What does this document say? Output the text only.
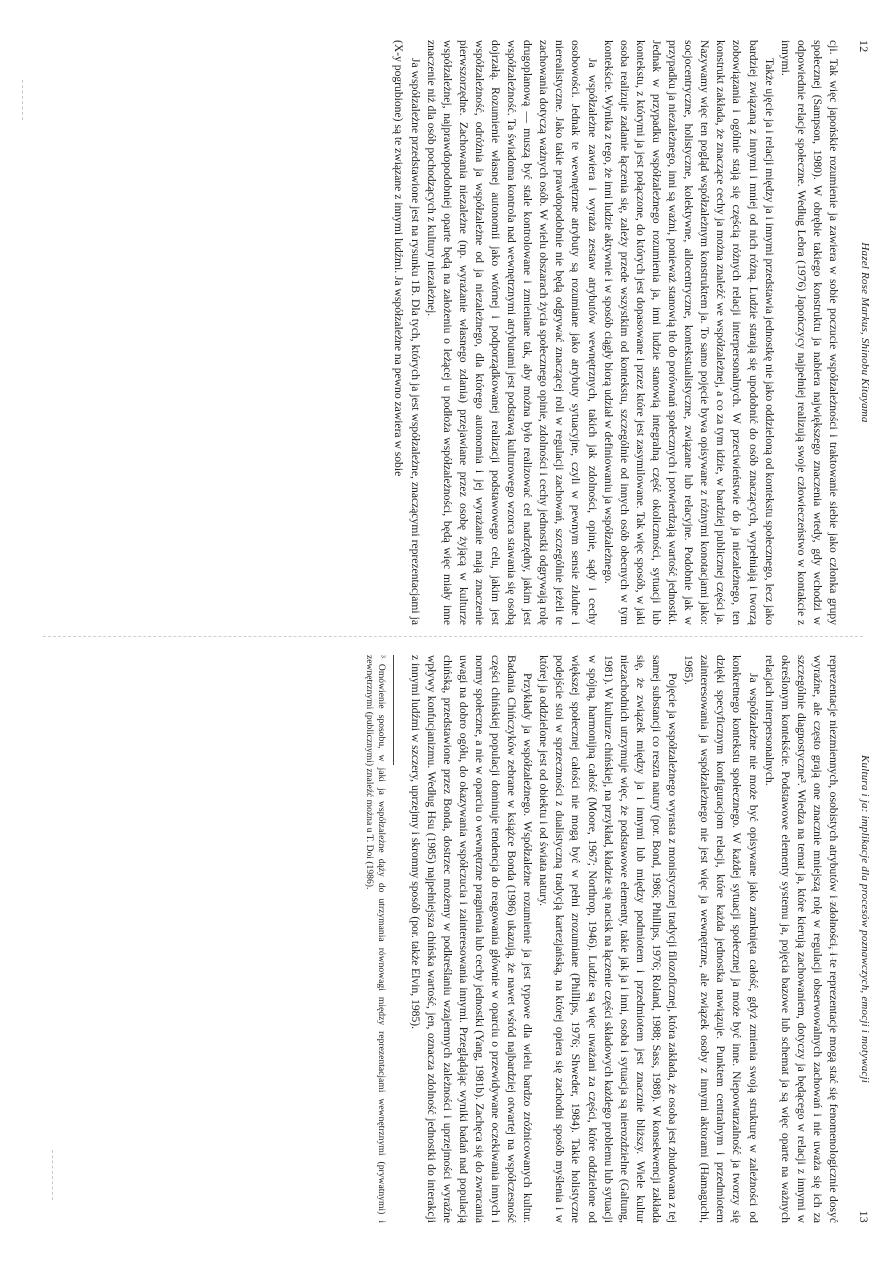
12
Hazel Rose Markus, Shinobu Kitayama

cji. Tak więc japońskie rozumienie ja zawiera w sobie poczucie współzależności i traktowanie siebie jako członka grupy społecznej (Sampson, 1980). W obrębie takiego konstruktu ja nabiera największego znaczenia wtedy, gdy wchodzi w odpowiednie relacje społeczne. Według Lebra (1976) Japończycy najpełniej realizują swoje człowieczeństwo w kontakcie z innymi.

Także ujęcie ja i relacji między ja i innymi przedstawia jednostkę nie jako oddzieloną od kontekstu społecznego, lecz jako bardziej związaną z innymi i mniej od nich różną. Ludzie starają się upodobnić do osób znaczących, wypełniają i tworzą zobowiązania i ogólnie stają się częścią różnych relacji interpersonalnych. W przeciwieństwie do ja niezależnego, ten konstrukt zakłada, że znaczące cechy ja można znaleźć we współzależnej, a co za tym idzie, w bardziej publicznej części ja. Nazywamy więc ten pogląd współzależnym konstruktem ja. To samo pojęcie bywa opisywane z różnymi konotacjami jako: socjocentryczne, holistyczne, kolektywne, allocentryczne, kontekstualistyczne, związane lub relacyjne. Podobnie jak w przypadku ja niezależnego, inni są ważni, ponieważ stanowią tło do porównań społecznych i potwierdzają wartość jednostki. Jednak w przypadku współzależnego rozumienia ja, inni ludzie stanowią integralną część okoliczności, sytuacji lub kontekstu, z którymi ja jest połączone, do których jest dopasowane i przez które jest zasymilowane. Tak więc sposób, w jaki osoba realizuje zadanie łączenia się, zależy przede wszystkim od kontekstu, szczególnie od innych osób obecnych w tym kontekście. Wynika z tego, że inni ludzie aktywnie i w sposób ciągły biorą udział w definiowaniu ja współzależnego.

Ja współzależne zawiera i wyraża zestaw atrybutów wewnętrznych, takich jak zdolności, opinie, sądy i cechy osobowości. Jednak te wewnętrzne atrybuty są rozumiane jako atrybuty sytuacyjne, czyli w pewnym sensie złudne i nierealistyczne. Jako takie prawdopodobnie nie będą odgrywać znaczącej roli w regulacji zachowań, szczególnie jeżeli te zachowania dotyczą ważnych osób. W wielu obszarach życia społecznego opinie, zdolności i cechy jednostki odgrywają rolę drugoplanową — muszą być stale kontrolowane i zmieniane tak, aby można było realizować cel nadrzędny, jakim jest współzależność. Ta świadoma kontrola nad wewnętrznymi atrybutami jest podstawą kulturowego wzorca stawania się osobą dojrzałą. Rozumienie własnej autonomii jako wtórnej i podporządkowanej realizacji podstawowego celu, jakim jest współzależność, odróżnia ja współzależne od ja niezależnego, dla którego autonomia i jej wyrażanie mają znaczenie pierwszorzędne. Zachowania niezależne (np. wyrażanie własnego zdania) przejawiane przez osobę żyjącą w kulturze współzależnej, najprawdopodobniej oparte będą na założeniu o leżącej u podłoża współzależności, będą więc miały inne znaczenie niż dla osób pochodzących z kultury niezależnej.

Ja współzależne przedstawione jest na rysunku 1B. Dla tych, których ja jest współzależne, znaczącymi reprezentacjami ja (X-y pogrubione) są te związane z innymi ludźmi. Ja współzależne na pewno zawiera w sobie

Kultura i ja: implikacje dla procesów poznawczych, emocji i motywacji
13

reprezentacje niezmiennych, osobistych atrybutów i zdolności, i te reprezentacje mogą stać się fenomenologicznie dosyć wyraźne, ale często grają one znacznie mniejszą rolę w regulacji obserwowalnych zachowań i nie uważa się ich za szczególnie diagnostyczne³. Wiedza na temat ja, które kierują zachowaniem, dotyczy ja będącego w relacji z innymi w określonym kontekście. Podstawowe elementy systemu ja, pojęcia bazowe lub schemat ja są więc oparte na ważnych relacjach interpersonalnych.

Ja współzależne nie może być opisywane jako zamknięta całość, gdyż zmienia swoją strukturę w zależności od konkretnego kontekstu społecznego. W każdej sytuacji społecznej ja może być inne. Niepowtarzalność ja tworzy się dzięki specyficznym konfiguracjom relacji, które każda jednostka nawiązuje. Punktem centralnym i przedmiotem zainteresowania ja współzależnego nie jest więc ja wewnętrzne, ale związek osoby z innymi aktorami (Hamaguchi, 1985).

Pojęcie ja współzależnego wyrasta z monistycznej tradycji filozoficznej, która zakłada, że osoba jest zbudowana z tej samej substancji co reszta natury (por. Bond, 1986; Phillips, 1976; Roland, 1988; Sass, 1988). W konsekwencji zakłada się, że związek między ja i innymi lub między podmiotem i przedmiotem jest znacznie bliższy. Wiele kultur niezachodnich utrzymuje więc, że podstawowe elementy, takie jak ja i inni, osoba i sytuacja są nierozdzielne (Galtung, 1981). W kulturze chińskiej, na przykład, kładzie się nacisk na łączenie części składowych każdego problemu lub sytuacji w spójną, harmonijną całość (Moore, 1967; Northrop, 1946). Ludzie są więc uważani za części, które oddzielone od większej społecznej całości nie mogą być w pełni zrozumiane (Phillips, 1976; Shweder, 1984). Takie holistyczne podejście stoi w sprzeczności z dualistyczną tradycją kartezjańską, na której opiera się zachodni sposób myślenia i w której ja oddzielone jest od obiektu i od świata natury.

Przykłady ja współzależnego. Współzależne rozumienie ja jest typowe dla wielu bardzo zróżnicowanych kultur. Badania Chińczyków zebrane w książce Bonda (1986) ukazują, że nawet wśród najbardziej otwartej na współczesność części chińskiej populacji dominuje tendencja do reagowania głównie w oparciu o przewidywane oczekiwania innych i normy społeczne, a nie w oparciu o wewnętrzne pragnienia lub cechy jednostki (Yang, 1981b). Zachęca się do zwracania uwagi na dobro ogółu, do okazywania współczucia i zainteresowania innymi. Przeglądając wyniki badań nad populacją chińską, przedstawione przez Bonda, dostrzec możemy w podkreślaniu wzajemnych zależności i uprzejmości wyraźne wpływy konfucjanizmu. Według Hsu (1985) najpełniejsza chińska wartość, jen, oznacza zdolność jednostki do interakcji z innymi ludźmi w szczery, uprzejmy i skromny sposób (por. także Elvin, 1985).

³ Omówienie sposobu, w jaki ja współzależne dąży do utrzymania równowagi między reprezentacjami wewnętrznymi (prywatnymi) i zewnętrznymi (publicznymi) znaleźć można u T. Doi (1986).
